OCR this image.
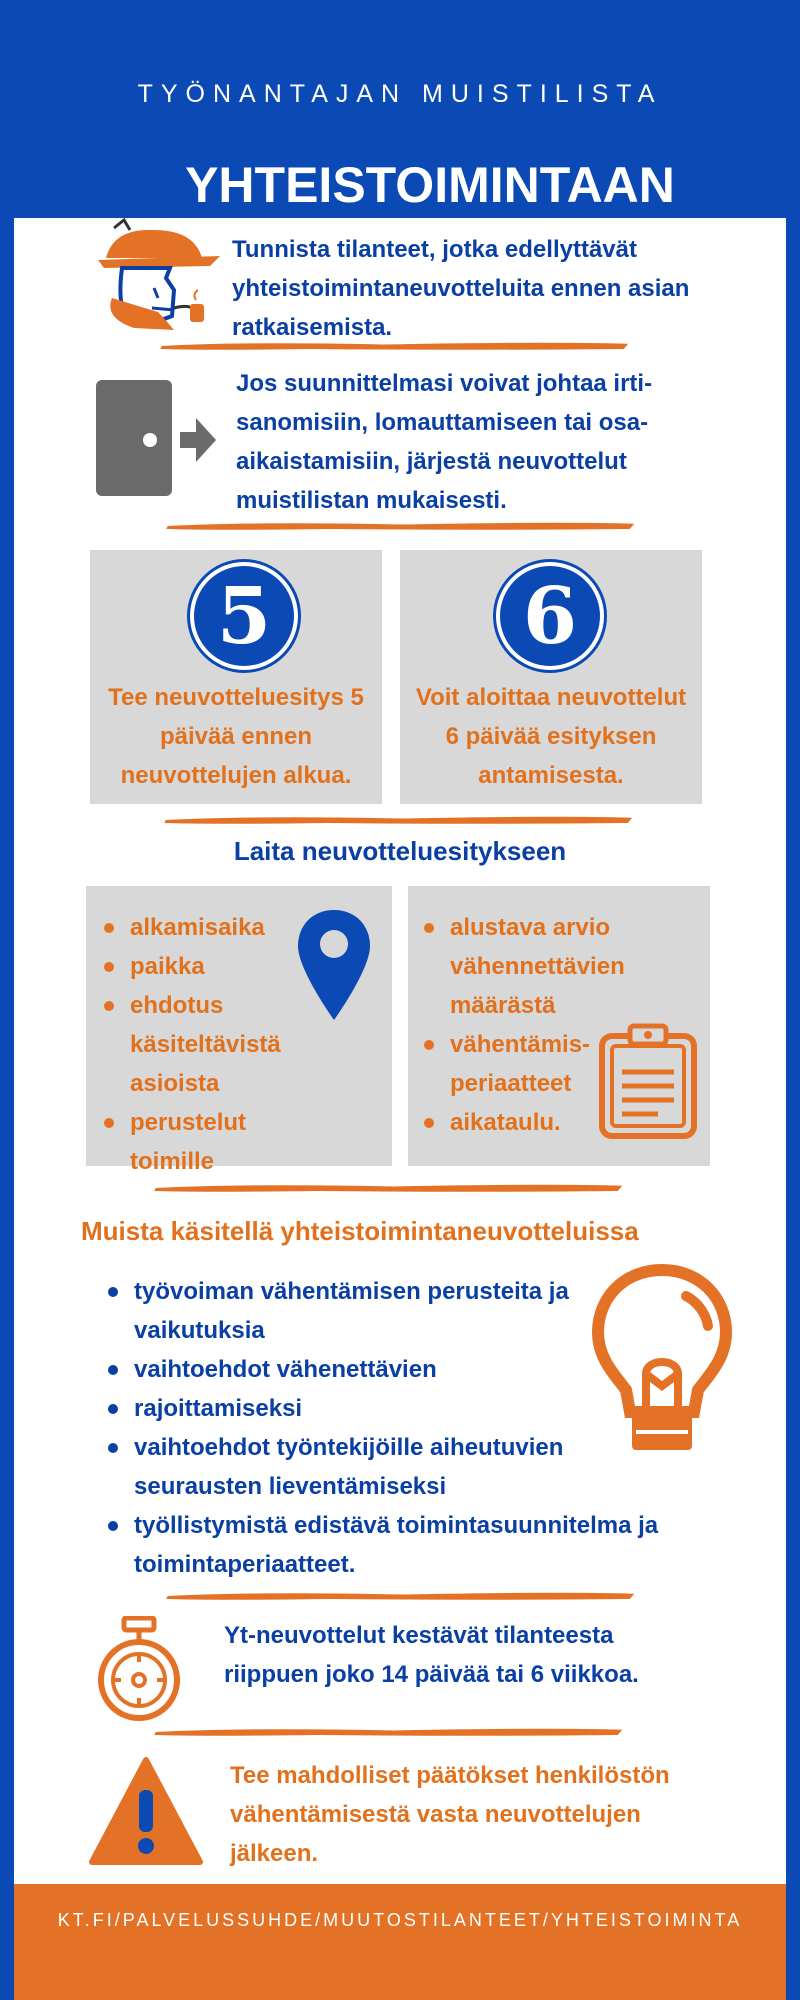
TYÖNANTAJAN MUISTILISTA
YHTEISTOIMINTAAN
Tunnista tilanteet, jotka edellyttävät yhteistoimintaneuvotteluita ennen asian ratkaisemista.
Jos suunnittelmasi voivat johtaa irti-sanomisiin, lomauttamiseen tai osa-aikaistamisiin, järjestä neuvottelut muistilistan mukaisesti.
5
Tee neuvotteluesitys 5 päivää ennen neuvottelujen alkua.
6
Voit aloittaa neuvottelut 6 päivää esityksen antamisesta.
Laita neuvotteluesitykseen
alkamisaika
paikka
ehdotus käsiteltävistä asioista
perustelut toimille
alustava arvio vähennettävien määrästä
vähentämis-periaatteet
aikataulu.
Muista käsitellä yhteistoimintaneuvotteluissa
työvoiman vähentämisen perusteita ja vaikutuksia
vaihtoehdot vähenettävien
rajoittamiseksi
vaihtoehdot työntekijöille aiheutuvien seurausten lieventämiseksi
työllistymistä edistävä toimintasuunnitelma ja toimintaperiaatteet.
Yt-neuvottelut kestävät tilanteesta riippuen joko 14 päivää tai 6 viikkoa.
Tee mahdolliset päätökset henkilöstön vähentämisestä vasta neuvottelujen jälkeen.
KT.FI/PALVELUSSUHDE/MUUTOSTILANTEET/YHTEISTOIMINTA
